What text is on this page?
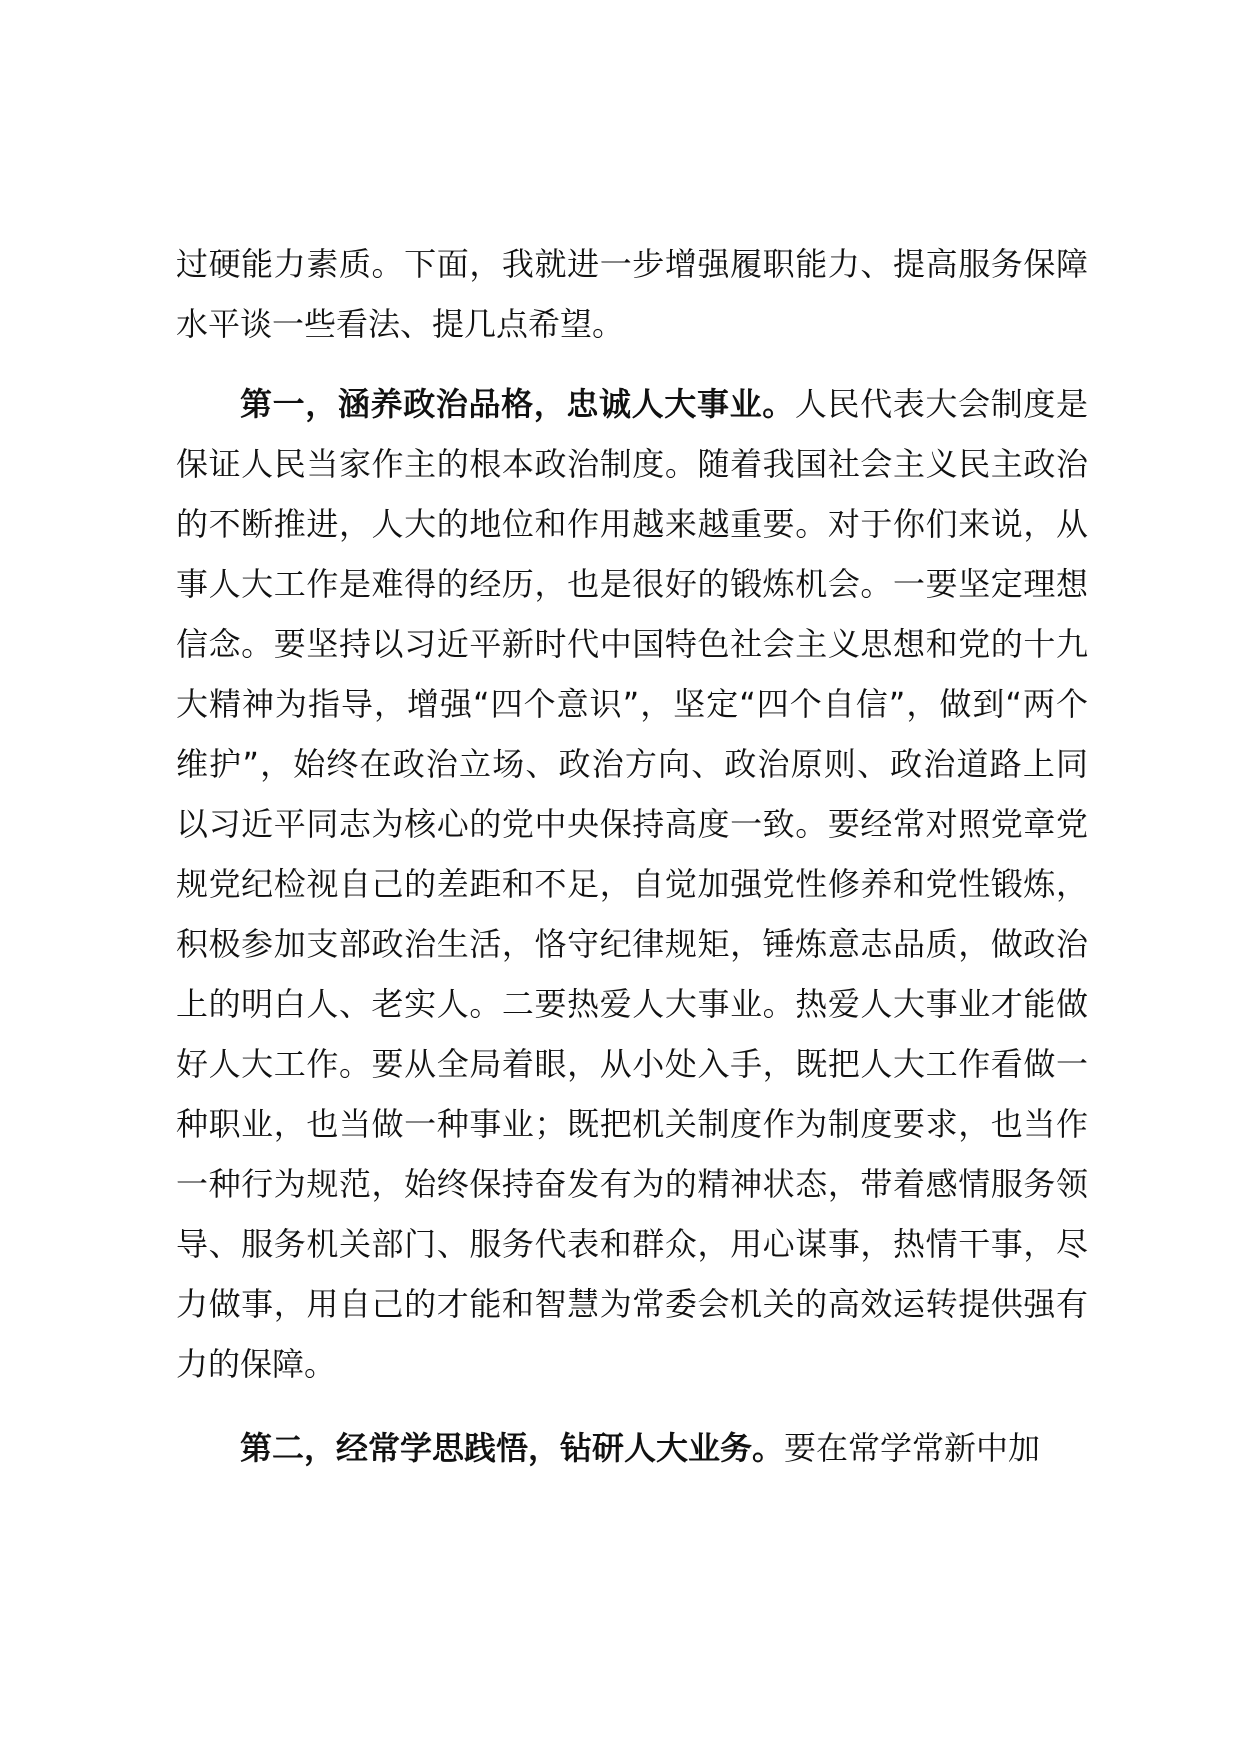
过硬能力素质。下面，我就进一步增强履职能力、提高服务保障水平谈一些看法、提几点希望。

第一，涵养政治品格，忠诚人大事业。人民代表大会制度是保证人民当家作主的根本政治制度。随着我国社会主义民主政治的不断推进，人大的地位和作用越来越重要。对于你们来说，从事人大工作是难得的经历，也是很好的锻炼机会。一要坚定理想信念。要坚持以习近平新时代中国特色社会主义思想和党的十九大精神为指导，增强“四个意识”，坚定“四个自信”，做到“两个维护”，始终在政治立场、政治方向、政治原则、政治道路上同以习近平同志为核心的党中央保持高度一致。要经常对照党章党规党纪检视自己的差距和不足，自觉加强党性修养和党性锻炼，积极参加支部政治生活，恪守纪律规矩，锤炼意志品质，做政治上的明白人、老实人。二要热爱人大事业。热爱人大事业才能做好人大工作。要从全局着眼，从小处入手，既把人大工作看做一种职业，也当做一种事业；既把机关制度作为制度要求，也当作一种行为规范，始终保持奋发有为的精神状态，带着感情服务领导、服务机关部门、服务代表和群众，用心谋事，热情干事，尽力做事，用自己的才能和智慧为常委会机关的高效运转提供强有力的保障。

第二，经常学思践悟，钻研人大业务。要在常学常新中加
